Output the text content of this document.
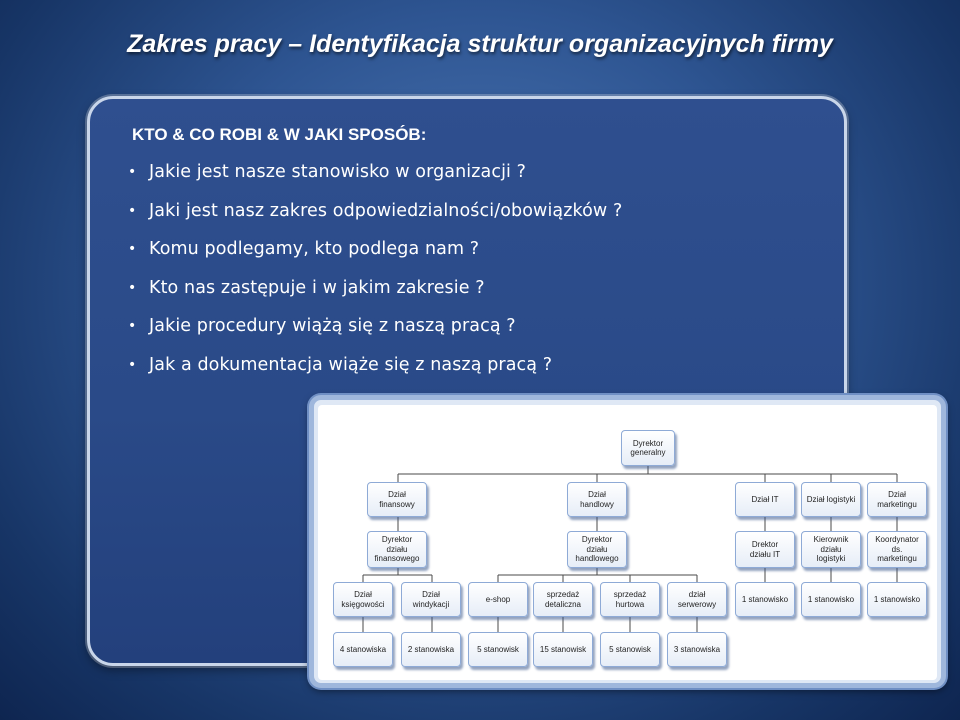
Zakres pracy – Identyfikacja struktur organizacyjnych firmy
KTO & CO ROBI & W JAKI SPOSÓB:
• Jakie jest nasze stanowisko w organizacji ?
• Jaki jest nasz zakres odpowiedzialności/obowiązków ?
• Komu podlegamy, kto podlega nam ?
• Kto nas zastępuje i w jakim zakresie ?
• Jakie procedury wiążą się z naszą pracą ?
• Jak a dokumentacja wiąże się z naszą pracą ?
Dyrektor
generalny
Dział
finansowy
Dział
handlowy
Dział IT	Dział logistyki
Dział
marketingu
Dyrektor
działu
finansowego
Dyrektor
działu
handlowego
Drektor
działu IT
Kierownik
działu
logistyki
Koordynator
ds.
marketingu
Dział
księgowości
Dział
windykacji
e-shop
sprzedaż
detaliczna
sprzedaż
hurtowa
dział
serwerowy
1 stanowisko	1 stanowisko	1 stanowisko
4 stanowiska	2 stanowiska	5 stanowisk	15 stanowisk	5 stanowisk	3 stanowiska
